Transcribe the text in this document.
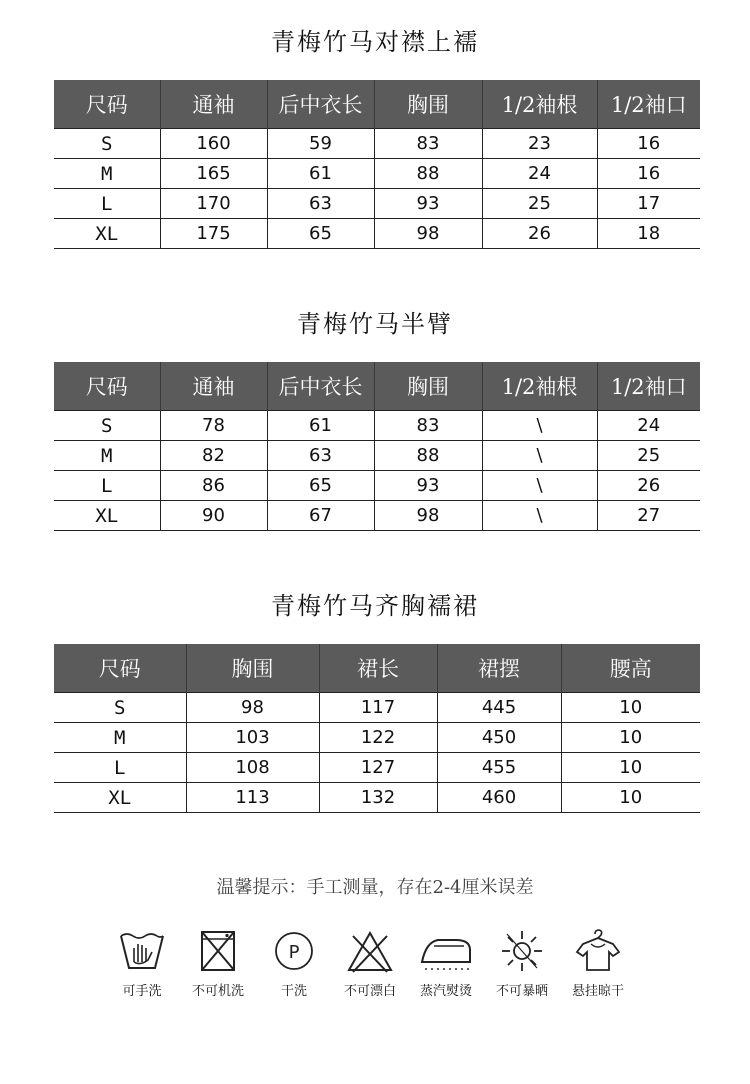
青梅竹马对襟上襦
尺码	通袖	后中衣长	胸围	1/2袖根	1/2袖口
S	160	59	83	23	16
M	165	61	88	24	16
L	170	63	93	25	17
XL	175	65	98	26	18
青梅竹马半臂
尺码	通袖	后中衣长	胸围	1/2袖根	1/2袖口
S	78	61	83	\	24
M	82	63	88	\	25
L	86	65	93	\	26
XL	90	67	98	\	27
青梅竹马齐胸襦裙
尺码	胸围	裙长	裙摆	腰高
S	98	117	445	10
M	103	122	450	10
L	108	127	455	10
XL	113	132	460	10
温馨提示：手工测量，存在2-4厘米误差
可手洗	不可机洗
P
干洗	不可漂白	蒸汽熨烫	不可暴晒	悬挂晾干
